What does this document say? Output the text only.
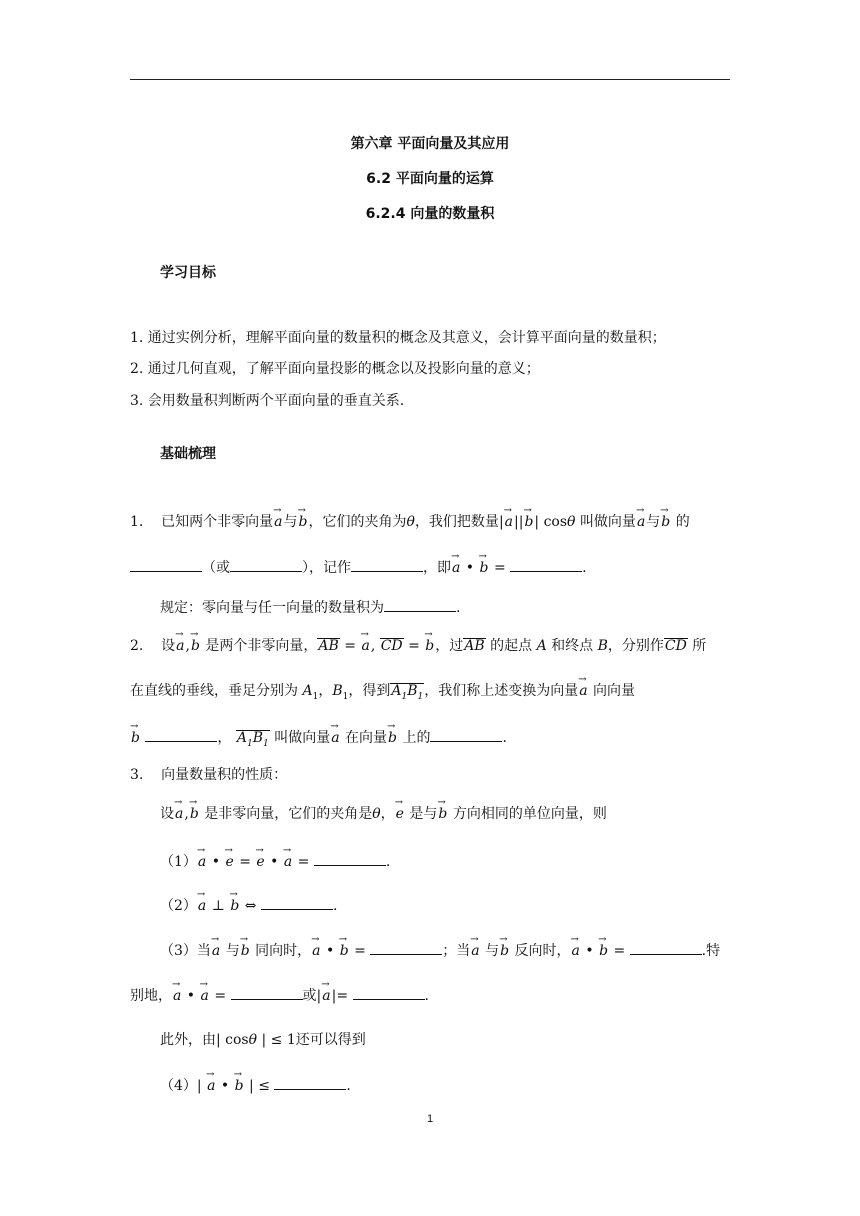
第六章 平面向量及其应用
6.2 平面向量的运算
6.2.4 向量的数量积
学习目标
1. 通过实例分析，理解平面向量的数量积的概念及其意义，会计算平面向量的数量积；
2. 通过几何直观，了解平面向量投影的概念以及投影向量的意义；
3. 会用数量积判断两个平面向量的垂直关系.
基础梳理
1. 已知两个非零向量a →与b →，它们的夹角为θ，我们把数量|a →||b →| cosθ 叫做向量a →与b → 的
（或	），记作	，即a → • b → =	.
规定：零向量与任一向量的数量积为	.
2. 设a →,b → 是两个非零向量，AB = a →, CD = b →，过AB 的起点 A 和终点 B，分别作CD 所
在直线的垂线，垂足分别为 $A_1$，$B_1$，得到$A_1B_1$，我们称上述变换为向量a → 向向量
b →	， $A_1B_1$ 叫做向量a → 在向量b → 上的	.
3. 向量数量积的性质：
设a →,b → 是非零向量，它们的夹角是θ，e → 是与b → 方向相同的单位向量，则
（1）a → • e → = e → • a → =	.
（2）a → ⊥ b → ⇔	.
（3）当a → 与b → 同向时，a → • b → =	；当a → 与b → 反向时，a → • b → =	.特
别地，a → • a → =	或|a →|=	.
此外，由| cosθ | ≤ 1还可以得到
（4）| a → • b → | ≤	.
1
